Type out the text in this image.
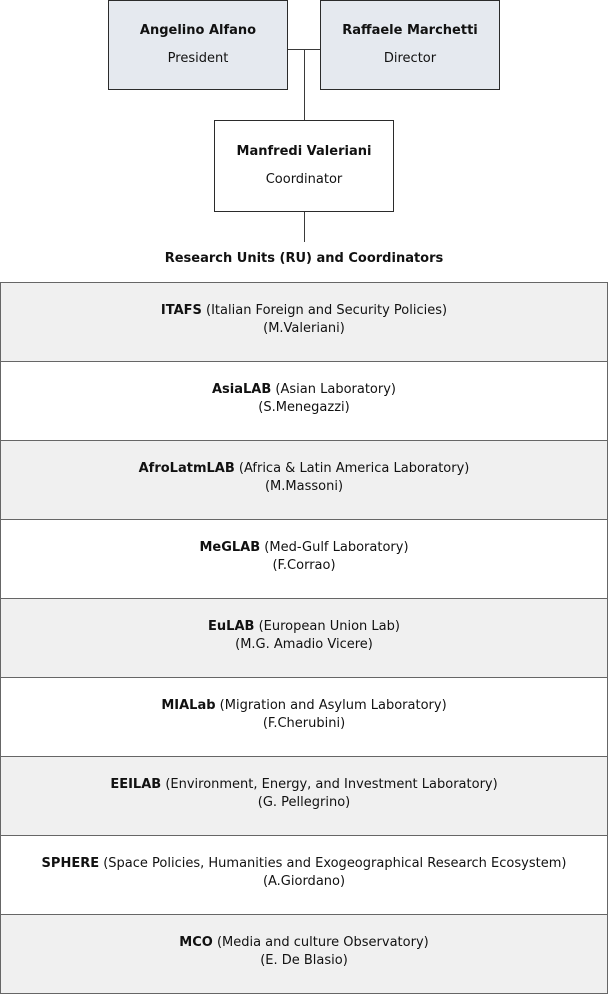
Angelino Alfano
President
Raffaele Marchetti
Director
Manfredi Valeriani
Coordinator
Research Units (RU) and Coordinators
ITAFS (Italian Foreign and Security Policies)
(M.Valeriani)
AsiaLAB (Asian Laboratory)
(S.Menegazzi)
AfroLatmLAB (Africa & Latin America Laboratory)
(M.Massoni)
MeGLAB (Med-Gulf Laboratory)
(F.Corrao)
EuLAB (European Union Lab)
(M.G. Amadio Vicere)
MIALab (Migration and Asylum Laboratory)
(F.Cherubini)
EEILAB (Environment, Energy, and Investment Laboratory)
(G. Pellegrino)
SPHERE (Space Policies, Humanities and Exogeographical Research Ecosystem)
(A.Giordano)
MCO (Media and culture Observatory)
(E. De Blasio)
